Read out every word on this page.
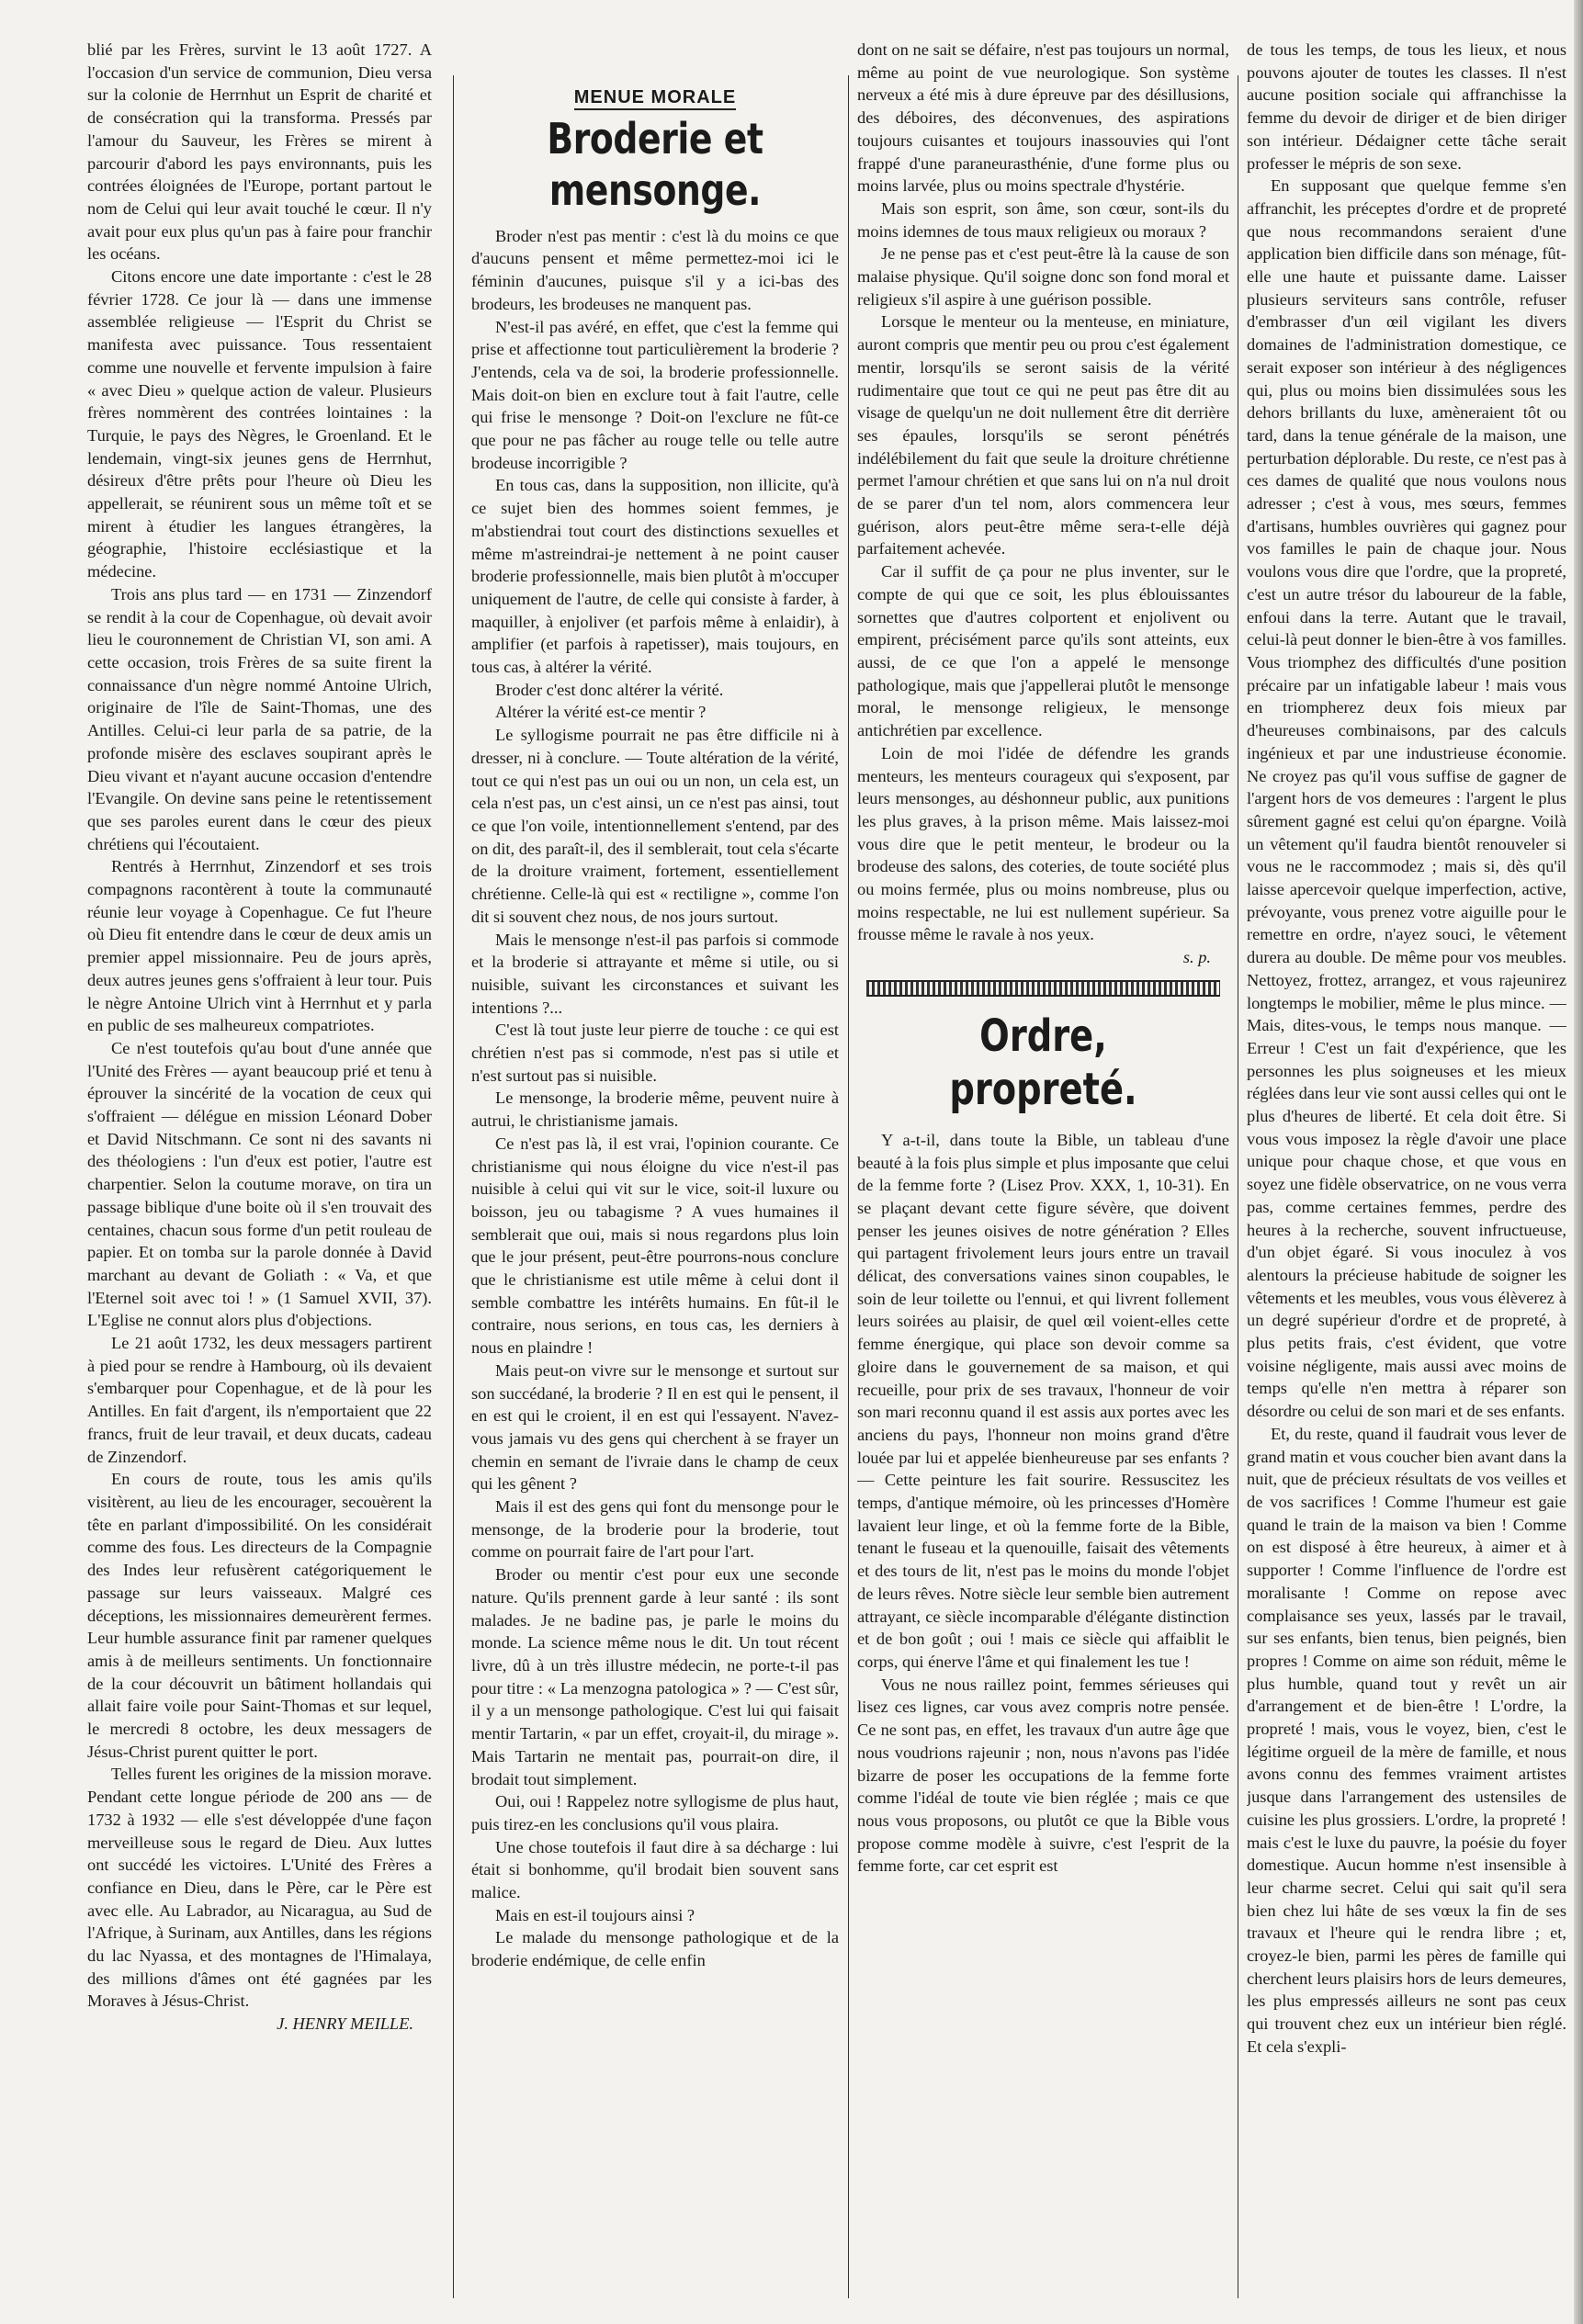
blié par les Frères, survint le 13 août 1727. A l'occasion d'un service de communion, Dieu versa sur la colonie de Herrnhut un Esprit de charité et de consécration qui la transforma. Pressés par l'amour du Sauveur, les Frères se mirent à parcourir d'abord les pays environnants, puis les contrées éloignées de l'Europe, portant partout le nom de Celui qui leur avait touché le cœur. Il n'y avait pour eux plus qu'un pas à faire pour franchir les océans.

Citons encore une date importante : c'est le 28 février 1728. Ce jour là — dans une immense assemblée religieuse — l'Esprit du Christ se manifesta avec puissance. Tous ressentaient comme une nouvelle et fervente impulsion à faire « avec Dieu » quelque action de valeur. Plusieurs frères nommèrent des contrées lointaines : la Turquie, le pays des Nègres, le Groenland. Et le lendemain, vingt-six jeunes gens de Herrnhut, désireux d'être prêts pour l'heure où Dieu les appellerait, se réunirent sous un même toît et se mirent à étudier les langues étrangères, la géographie, l'histoire ecclésiastique et la médecine.

Trois ans plus tard — en 1731 — Zinzendorf se rendit à la cour de Copenhague, où devait avoir lieu le couronnement de Christian VI, son ami. A cette occasion, trois Frères de sa suite firent la connaissance d'un nègre nommé Antoine Ulrich, originaire de l'île de Saint-Thomas, une des Antilles. Celui-ci leur parla de sa patrie, de la profonde misère des esclaves soupirant après le Dieu vivant et n'ayant aucune occasion d'entendre l'Evangile. On devine sans peine le retentissement que ses paroles eurent dans le cœur des pieux chrétiens qui l'écoutaient.

Rentrés à Herrnhut, Zinzendorf et ses trois compagnons racontèrent à toute la communauté réunie leur voyage à Copenhague. Ce fut l'heure où Dieu fit entendre dans le cœur de deux amis un premier appel missionnaire. Peu de jours après, deux autres jeunes gens s'offraient à leur tour. Puis le nègre Antoine Ulrich vint à Herrnhut et y parla en public de ses malheureux compatriotes.

Ce n'est toutefois qu'au bout d'une année que l'Unité des Frères — ayant beaucoup prié et tenu à éprouver la sincérité de la vocation de ceux qui s'offraient — délégue en mission Léonard Dober et David Nitschmann. Ce sont ni des savants ni des théologiens : l'un d'eux est potier, l'autre est charpentier. Selon la coutume morave, on tira un passage biblique d'une boite où il s'en trouvait des centaines, chacun sous forme d'un petit rouleau de papier. Et on tomba sur la parole donnée à David marchant au devant de Goliath : « Va, et que l'Eternel soit avec toi ! » (1 Samuel XVII, 37). L'Eglise ne connut alors plus d'objections.

Le 21 août 1732, les deux messagers partirent à pied pour se rendre à Hambourg, où ils devaient s'embarquer pour Copenhague, et de là pour les Antilles. En fait d'argent, ils n'emportaient que 22 francs, fruit de leur travail, et deux ducats, cadeau de Zinzendorf.

En cours de route, tous les amis qu'ils visitèrent, au lieu de les encourager, secouèrent la tête en parlant d'impossibilité. On les considérait comme des fous. Les directeurs de la Compagnie des Indes leur refusèrent catégoriquement le passage sur leurs vaisseaux. Malgré ces déceptions, les missionnaires demeurèrent fermes. Leur humble assurance finit par ramener quelques amis à de meilleurs sentiments. Un fonctionnaire de la cour découvrit un bâtiment hollandais qui allait faire voile pour Saint-Thomas et sur lequel, le mercredi 8 octobre, les deux messagers de Jésus-Christ purent quitter le port.

Telles furent les origines de la mission morave. Pendant cette longue période de 200 ans — de 1732 à 1932 — elle s'est développée d'une façon merveilleuse sous le regard de Dieu. Aux luttes ont succédé les victoires. L'Unité des Frères a confiance en Dieu, dans le Père, car le Père est avec elle. Au Labrador, au Nicaragua, au Sud de l'Afrique, à Surinam, aux Antilles, dans les régions du lac Nyassa, et des montagnes de l'Himalaya, des millions d'âmes ont été gagnées par les Moraves à Jésus-Christ.

J. HENRY MEILLE.

MENUE MORALE
Broderie et mensonge.

Broder n'est pas mentir : c'est là du moins ce que d'aucuns pensent et même permettez-moi ici le féminin d'aucunes, puisque s'il y a ici-bas des brodeurs, les brodeuses ne manquent pas.

N'est-il pas avéré, en effet, que c'est la femme qui prise et affectionne tout particulièrement la broderie ? J'entends, cela va de soi, la broderie professionnelle. Mais doit-on bien en exclure tout à fait l'autre, celle qui frise le mensonge ? Doit-on l'exclure ne fût-ce que pour ne pas fâcher au rouge telle ou telle autre brodeuse incorrigible ?

En tous cas, dans la supposition, non illicite, qu'à ce sujet bien des hommes soient femmes, je m'abstiendrai tout court des distinctions sexuelles et même m'astreindrai-je nettement à ne point causer broderie professionnelle, mais bien plutôt à m'occuper uniquement de l'autre, de celle qui consiste à farder, à maquiller, à enjoliver (et parfois même à enlaidir), à amplifier (et parfois à rapetisser), mais toujours, en tous cas, à altérer la vérité.

Broder c'est donc altérer la vérité.

Altérer la vérité est-ce mentir ?

Le syllogisme pourrait ne pas être difficile ni à dresser, ni à conclure. — Toute altération de la vérité, tout ce qui n'est pas un oui ou un non, un cela est, un cela n'est pas, un c'est ainsi, un ce n'est pas ainsi, tout ce que l'on voile, intentionnellement s'entend, par des on dit, des paraît-il, des il semblerait, tout cela s'écarte de la droiture vraiment, fortement, essentiellement chrétienne. Celle-là qui est « rectiligne », comme l'on dit si souvent chez nous, de nos jours surtout.

Mais le mensonge n'est-il pas parfois si commode et la broderie si attrayante et même si utile, ou si nuisible, suivant les circonstances et suivant les intentions ?...

C'est là tout juste leur pierre de touche : ce qui est chrétien n'est pas si commode, n'est pas si utile et n'est surtout pas si nuisible.

Le mensonge, la broderie même, peuvent nuire à autrui, le christianisme jamais.

Ce n'est pas là, il est vrai, l'opinion courante. Ce christianisme qui nous éloigne du vice n'est-il pas nuisible à celui qui vit sur le vice, soit-il luxure ou boisson, jeu ou tabagisme ? A vues humaines il semblerait que oui, mais si nous regardons plus loin que le jour présent, peut-être pourrons-nous conclure que le christianisme est utile même à celui dont il semble combattre les intérêts humains. En fût-il le contraire, nous serions, en tous cas, les derniers à nous en plaindre !

Mais peut-on vivre sur le mensonge et surtout sur son succédané, la broderie ? Il en est qui le pensent, il en est qui le croient, il en est qui l'essayent. N'avez-vous jamais vu des gens qui cherchent à se frayer un chemin en semant de l'ivraie dans le champ de ceux qui les gênent ?

Mais il est des gens qui font du mensonge pour le mensonge, de la broderie pour la broderie, tout comme on pourrait faire de l'art pour l'art.

Broder ou mentir c'est pour eux une seconde nature. Qu'ils prennent garde à leur santé : ils sont malades. Je ne badine pas, je parle le moins du monde. La science même nous le dit. Un tout récent livre, dû à un très illustre médecin, ne porte-t-il pas pour titre : « La menzogna patologica » ? — C'est sûr, il y a un mensonge pathologique. C'est lui qui faisait mentir Tartarin, « par un effet, croyait-il, du mirage ». Mais Tartarin ne mentait pas, pourrait-on dire, il brodait tout simplement.

Oui, oui ! Rappelez notre syllogisme de plus haut, puis tirez-en les conclusions qu'il vous plaira.

Une chose toutefois il faut dire à sa décharge : lui était si bonhomme, qu'il brodait bien souvent sans malice.

Mais en est-il toujours ainsi ?

Le malade du mensonge pathologique et de la broderie endémique, de celle enfin

dont on ne sait se défaire, n'est pas toujours un normal, même au point de vue neurologique. Son système nerveux a été mis à dure épreuve par des désillusions, des déboires, des déconvenues, des aspirations toujours cuisantes et toujours inassouvies qui l'ont frappé d'une paraneurasthénie, d'une forme plus ou moins larvée, plus ou moins spectrale d'hystérie.

Mais son esprit, son âme, son cœur, sont-ils du moins idemnes de tous maux religieux ou moraux ?

Je ne pense pas et c'est peut-être là la cause de son malaise physique. Qu'il soigne donc son fond moral et religieux s'il aspire à une guérison possible.

Lorsque le menteur ou la menteuse, en miniature, auront compris que mentir peu ou prou c'est également mentir, lorsqu'ils se seront saisis de la vérité rudimentaire que tout ce qui ne peut pas être dit au visage de quelqu'un ne doit nullement être dit derrière ses épaules, lorsqu'ils se seront pénétrés indélébilement du fait que seule la droiture chrétienne permet l'amour chrétien et que sans lui on n'a nul droit de se parer d'un tel nom, alors commencera leur guérison, alors peut-être même sera-t-elle déjà parfaitement achevée.

Car il suffit de ça pour ne plus inventer, sur le compte de qui que ce soit, les plus éblouissantes sornettes que d'autres colportent et enjolivent ou empirent, précisément parce qu'ils sont atteints, eux aussi, de ce que l'on a appelé le mensonge pathologique, mais que j'appellerai plutôt le mensonge moral, le mensonge religieux, le mensonge antichrétien par excellence.

Loin de moi l'idée de défendre les grands menteurs, les menteurs courageux qui s'exposent, par leurs mensonges, au déshonneur public, aux punitions les plus graves, à la prison même. Mais laissez-moi vous dire que le petit menteur, le brodeur ou la brodeuse des salons, des coteries, de toute société plus ou moins fermée, plus ou moins nombreuse, plus ou moins respectable, ne lui est nullement supérieur. Sa frousse même le ravale à nos yeux.

s. p.

Ordre, propreté.

Y a-t-il, dans toute la Bible, un tableau d'une beauté à la fois plus simple et plus imposante que celui de la femme forte ? (Lisez Prov. XXX, 1, 10-31). En se plaçant devant cette figure sévère, que doivent penser les jeunes oisives de notre génération ? Elles qui partagent frivolement leurs jours entre un travail délicat, des conversations vaines sinon coupables, le soin de leur toilette ou l'ennui, et qui livrent follement leurs soirées au plaisir, de quel œil voient-elles cette femme énergique, qui place son devoir comme sa gloire dans le gouvernement de sa maison, et qui recueille, pour prix de ses travaux, l'honneur de voir son mari reconnu quand il est assis aux portes avec les anciens du pays, l'honneur non moins grand d'être louée par lui et appelée bienheureuse par ses enfants ? — Cette peinture les fait sourire. Ressuscitez les temps, d'antique mémoire, où les princesses d'Homère lavaient leur linge, et où la femme forte de la Bible, tenant le fuseau et la quenouille, faisait des vêtements et des tours de lit, n'est pas le moins du monde l'objet de leurs rêves. Notre siècle leur semble bien autrement attrayant, ce siècle incomparable d'élégante distinction et de bon goût ; oui ! mais ce siècle qui affaiblit le corps, qui énerve l'âme et qui finalement les tue !

Vous ne nous raillez point, femmes sérieuses qui lisez ces lignes, car vous avez compris notre pensée. Ce ne sont pas, en effet, les travaux d'un autre âge que nous voudrions rajeunir ; non, nous n'avons pas l'idée bizarre de poser les occupations de la femme forte comme l'idéal de toute vie bien réglée ; mais ce que nous vous proposons, ou plutôt ce que la Bible vous propose comme modèle à suivre, c'est l'esprit de la femme forte, car cet esprit est

de tous les temps, de tous les lieux, et nous pouvons ajouter de toutes les classes. Il n'est aucune position sociale qui affranchisse la femme du devoir de diriger et de bien diriger son intérieur. Dédaigner cette tâche serait professer le mépris de son sexe.

En supposant que quelque femme s'en affranchit, les préceptes d'ordre et de propreté que nous recommandons seraient d'une application bien difficile dans son ménage, fût-elle une haute et puissante dame. Laisser plusieurs serviteurs sans contrôle, refuser d'embrasser d'un œil vigilant les divers domaines de l'administration domestique, ce serait exposer son intérieur à des négligences qui, plus ou moins bien dissimulées sous les dehors brillants du luxe, amèneraient tôt ou tard, dans la tenue générale de la maison, une perturbation déplorable. Du reste, ce n'est pas à ces dames de qualité que nous voulons nous adresser ; c'est à vous, mes sœurs, femmes d'artisans, humbles ouvrières qui gagnez pour vos familles le pain de chaque jour. Nous voulons vous dire que l'ordre, que la propreté, c'est un autre trésor du laboureur de la fable, enfoui dans la terre. Autant que le travail, celui-là peut donner le bien-être à vos familles. Vous triomphez des difficultés d'une position précaire par un infatigable labeur ! mais vous en triompherez deux fois mieux par d'heureuses combinaisons, par des calculs ingénieux et par une industrieuse économie. Ne croyez pas qu'il vous suffise de gagner de l'argent hors de vos demeures : l'argent le plus sûrement gagné est celui qu'on épargne. Voilà un vêtement qu'il faudra bientôt renouveler si vous ne le raccommodez ; mais si, dès qu'il laisse apercevoir quelque imperfection, active, prévoyante, vous prenez votre aiguille pour le remettre en ordre, n'ayez souci, le vêtement durera au double. De même pour vos meubles. Nettoyez, frottez, arrangez, et vous rajeunirez longtemps le mobilier, même le plus mince. — Mais, dites-vous, le temps nous manque. — Erreur ! C'est un fait d'expérience, que les personnes les plus soigneuses et les mieux réglées dans leur vie sont aussi celles qui ont le plus d'heures de liberté. Et cela doit être. Si vous vous imposez la règle d'avoir une place unique pour chaque chose, et que vous en soyez une fidèle observatrice, on ne vous verra pas, comme certaines femmes, perdre des heures à la recherche, souvent infructueuse, d'un objet égaré. Si vous inoculez à vos alentours la précieuse habitude de soigner les vêtements et les meubles, vous vous élèverez à un degré supérieur d'ordre et de propreté, à plus petits frais, c'est évident, que votre voisine négligente, mais aussi avec moins de temps qu'elle n'en mettra à réparer son désordre ou celui de son mari et de ses enfants.

Et, du reste, quand il faudrait vous lever de grand matin et vous coucher bien avant dans la nuit, que de précieux résultats de vos veilles et de vos sacrifices ! Comme l'humeur est gaie quand le train de la maison va bien ! Comme on est disposé à être heureux, à aimer et à supporter ! Comme l'influence de l'ordre est moralisante ! Comme on repose avec complaisance ses yeux, lassés par le travail, sur ses enfants, bien tenus, bien peignés, bien propres ! Comme on aime son réduit, même le plus humble, quand tout y revêt un air d'arrangement et de bien-être ! L'ordre, la propreté ! mais, vous le voyez, bien, c'est le légitime orgueil de la mère de famille, et nous avons connu des femmes vraiment artistes jusque dans l'arrangement des ustensiles de cuisine les plus grossiers. L'ordre, la propreté ! mais c'est le luxe du pauvre, la poésie du foyer domestique. Aucun homme n'est insensible à leur charme secret. Celui qui sait qu'il sera bien chez lui hâte de ses vœux la fin de ses travaux et l'heure qui le rendra libre ; et, croyez-le bien, parmi les pères de famille qui cherchent leurs plaisirs hors de leurs demeures, les plus empressés ailleurs ne sont pas ceux qui trouvent chez eux un intérieur bien réglé. Et cela s'expli-
